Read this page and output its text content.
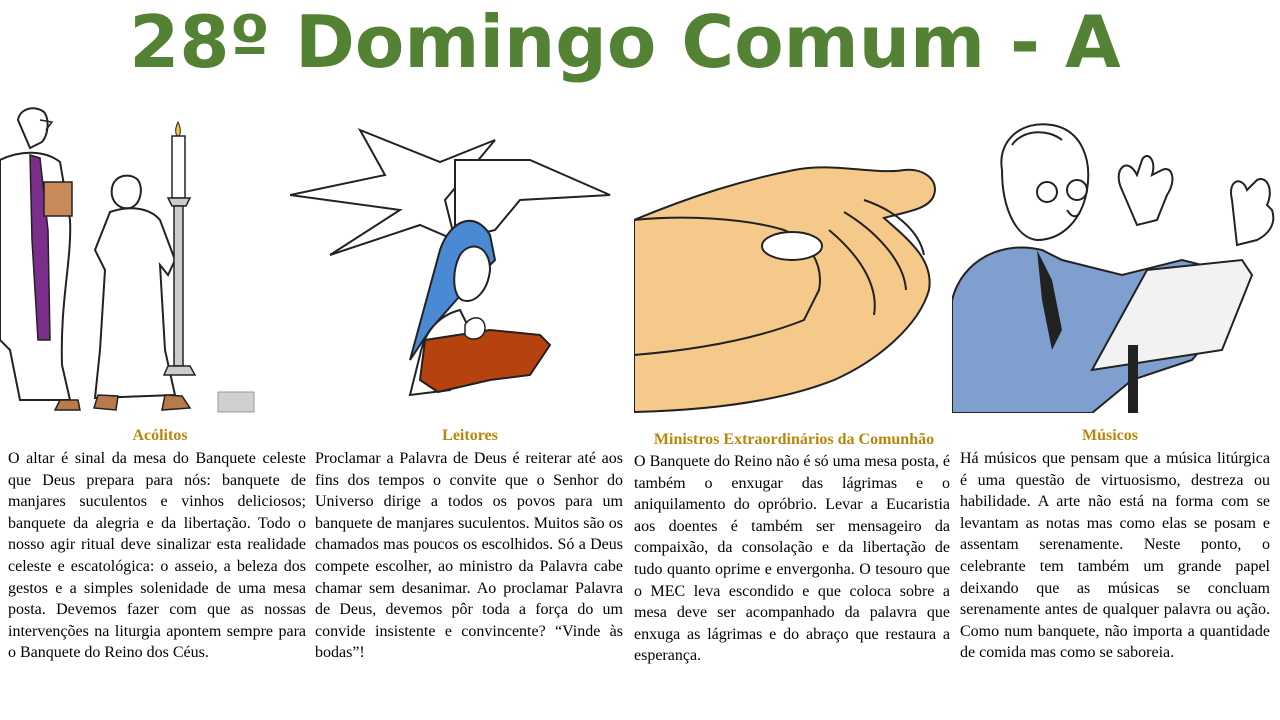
28º Domingo Comum - A
Acólitos

O altar é sinal da mesa do Banquete celeste que Deus prepara para nós: banquete de manjares suculentos e vinhos deliciosos; banquete da alegria e da libertação. Todo o nosso agir ritual deve sinalizar esta realidade celeste e escatológica: o asseio, a beleza dos gestos e a simples solenidade de uma mesa posta. Devemos fazer com que as nossas intervenções na liturgia apontem sempre para o Banquete do Reino dos Céus.

Leitores

Proclamar a Palavra de Deus é reiterar até aos fins dos tempos o convite que o Senhor do Universo dirige a todos os povos para um banquete de manjares suculentos. Muitos são os chamados mas poucos os escolhidos. Só a Deus compete escolher, ao ministro da Palavra cabe chamar sem desanimar. Ao proclamar Palavra de Deus, devemos pôr toda a força do um convide insistente e convincente? “Vinde às bodas”!

Ministros Extraordinários da Comunhão

O Banquete do Reino não é só uma mesa posta, é também o enxugar das lágrimas e o aniquilamento do opróbrio. Levar a Eucaristia aos doentes é também ser mensageiro da compaixão, da consolação e da libertação de tudo quanto oprime e envergonha. O tesouro que o MEC leva escondido e que coloca sobre a mesa deve ser acompanhado da palavra que enxuga as lágrimas e do abraço que restaura a esperança.

Músicos

Há músicos que pensam que a música litúrgica é uma questão de virtuosismo, destreza ou habilidade. A arte não está na forma com se levantam as notas mas como elas se posam e assentam serenamente. Neste ponto, o celebrante tem também um grande papel deixando que as músicas se concluam serenamente antes de qualquer palavra ou ação. Como num banquete, não importa a quantidade de comida mas como se saboreia.
